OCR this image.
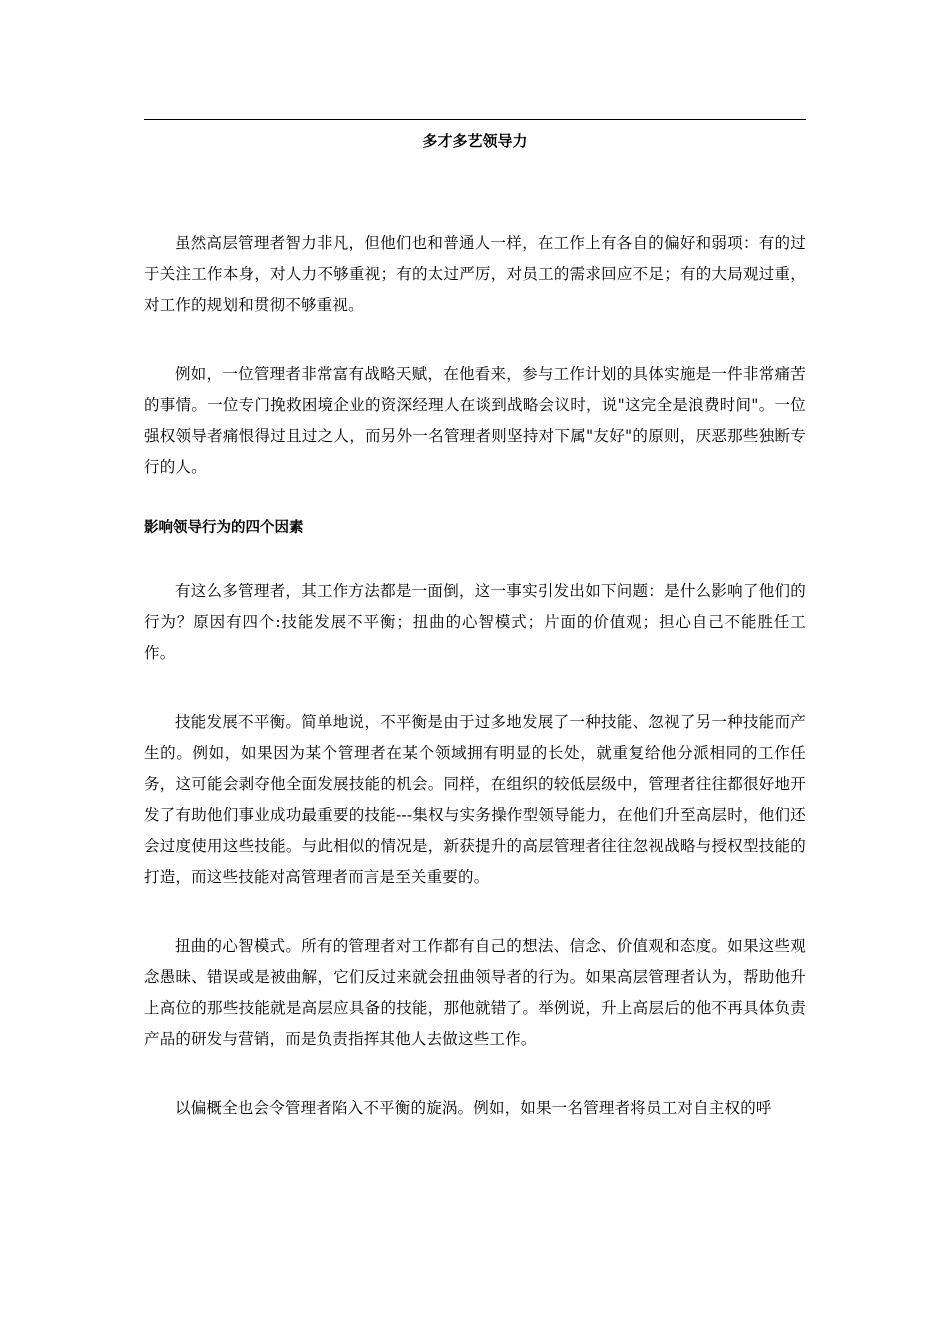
多才多艺领导力

虽然高层管理者智力非凡，但他们也和普通人一样，在工作上有各自的偏好和弱项：有的过于关注工作本身，对人力不够重视；有的太过严厉，对员工的需求回应不足；有的大局观过重，对工作的规划和贯彻不够重视。

例如，一位管理者非常富有战略天赋，在他看来，参与工作计划的具体实施是一件非常痛苦的事情。一位专门挽救困境企业的资深经理人在谈到战略会议时，说"这完全是浪费时间"。一位强权领导者痛恨得过且过之人，而另外一名管理者则坚持对下属"友好"的原则，厌恶那些独断专行的人。

影响领导行为的四个因素

有这么多管理者，其工作方法都是一面倒，这一事实引发出如下问题：是什么影响了他们的行为？原因有四个:技能发展不平衡；扭曲的心智模式；片面的价值观；担心自己不能胜任工作。

技能发展不平衡。简单地说，不平衡是由于过多地发展了一种技能、忽视了另一种技能而产生的。例如，如果因为某个管理者在某个领域拥有明显的长处，就重复给他分派相同的工作任务，这可能会剥夺他全面发展技能的机会。同样，在组织的较低层级中，管理者往往都很好地开发了有助他们事业成功最重要的技能---集权与实务操作型领导能力，在他们升至高层时，他们还会过度使用这些技能。与此相似的情况是，新获提升的高层管理者往往忽视战略与授权型技能的打造，而这些技能对高管理者而言是至关重要的。

扭曲的心智模式。所有的管理者对工作都有自己的想法、信念、价值观和态度。如果这些观念愚昧、错误或是被曲解，它们反过来就会扭曲领导者的行为。如果高层管理者认为，帮助他升上高位的那些技能就是高层应具备的技能，那他就错了。举例说，升上高层后的他不再具体负责产品的研发与营销，而是负责指挥其他人去做这些工作。

以偏概全也会令管理者陷入不平衡的旋涡。例如，如果一名管理者将员工对自主权的呼
